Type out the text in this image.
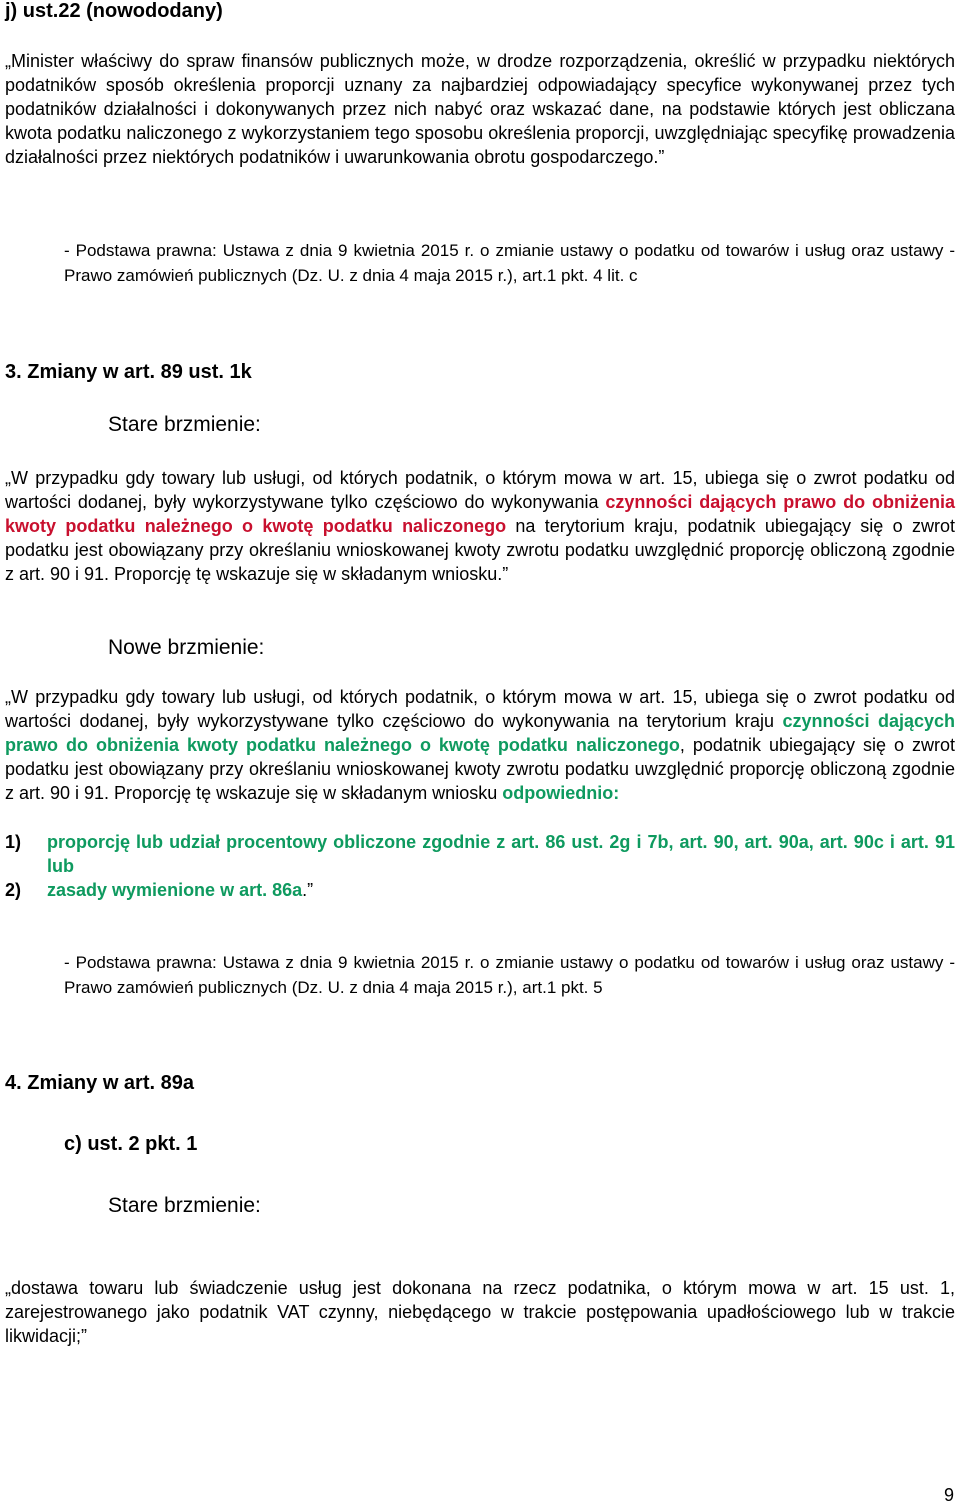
j) ust.22 (nowododany)
„Minister właściwy do spraw finansów publicznych może, w drodze rozporządzenia, określić w przypadku niektórych podatników sposób określenia proporcji uznany za najbardziej odpowiadający specyfice wykonywanej przez tych podatników działalności i dokonywanych przez nich nabyć oraz wskazać dane, na podstawie których jest obliczana kwota podatku naliczonego z wykorzystaniem tego sposobu określenia proporcji, uwzględniając specyfikę prowadzenia działalności przez niektórych podatników i uwarunkowania obrotu gospodarczego.”
- Podstawa prawna: Ustawa z dnia 9 kwietnia 2015 r. o zmianie ustawy o podatku od towarów i usług oraz ustawy - Prawo zamówień publicznych (Dz. U. z dnia 4 maja 2015 r.), art.1 pkt. 4 lit. c
3. Zmiany w art. 89 ust. 1k
Stare brzmienie:
„W przypadku gdy towary lub usługi, od których podatnik, o którym mowa w art. 15, ubiega się o zwrot podatku od wartości dodanej, były wykorzystywane tylko częściowo do wykonywania czynności dających prawo do obniżenia kwoty podatku należnego o kwotę podatku naliczonego na terytorium kraju, podatnik ubiegający się o zwrot podatku jest obowiązany przy określaniu wnioskowanej kwoty zwrotu podatku uwzględnić proporcję obliczoną zgodnie z art. 90 i 91. Proporcję tę wskazuje się w składanym wniosku.”
Nowe brzmienie:
„W przypadku gdy towary lub usługi, od których podatnik, o którym mowa w art. 15, ubiega się o zwrot podatku od wartości dodanej, były wykorzystywane tylko częściowo do wykonywania na terytorium kraju czynności dających prawo do obniżenia kwoty podatku należnego o kwotę podatku naliczonego, podatnik ubiegający się o zwrot podatku jest obowiązany przy określaniu wnioskowanej kwoty zwrotu podatku uwzględnić proporcję obliczoną zgodnie z art. 90 i 91. Proporcję tę wskazuje się w składanym wniosku odpowiednio:
1) proporcję lub udział procentowy obliczone zgodnie z art. 86 ust. 2g i 7b, art. 90, art. 90a, art. 90c i art. 91 lub
2) zasady wymienione w art. 86a.”
- Podstawa prawna: Ustawa z dnia 9 kwietnia 2015 r. o zmianie ustawy o podatku od towarów i usług oraz ustawy - Prawo zamówień publicznych (Dz. U. z dnia 4 maja 2015 r.), art.1 pkt. 5
4. Zmiany w art. 89a
c) ust. 2 pkt. 1
Stare brzmienie:
„dostawa towaru lub świadczenie usług jest dokonana na rzecz podatnika, o którym mowa w art. 15 ust. 1, zarejestrowanego jako podatnik VAT czynny, niebędącego w trakcie postępowania upadłościowego lub w trakcie likwidacji;”
9
